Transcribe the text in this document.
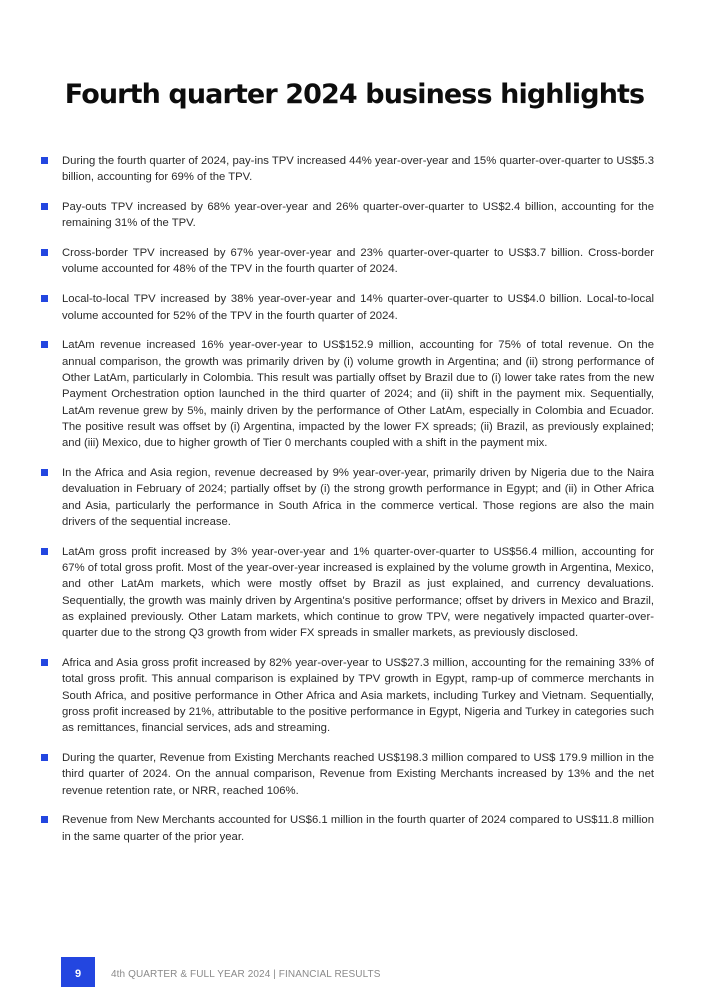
Fourth quarter 2024 business highlights
During the fourth quarter of 2024, pay-ins TPV increased 44% year-over-year and 15% quarter-over-quarter to US$5.3 billion, accounting for 69% of the TPV.
Pay-outs TPV increased by 68% year-over-year and 26% quarter-over-quarter to US$2.4 billion, accounting for the remaining 31% of the TPV.
Cross-border TPV increased by 67% year-over-year and 23% quarter-over-quarter to US$3.7 billion. Cross-border volume accounted for 48% of the TPV in the fourth quarter of 2024.
Local-to-local TPV increased by 38% year-over-year and 14% quarter-over-quarter to US$4.0 billion. Local-to-local volume accounted for 52% of the TPV in the fourth quarter of 2024.
LatAm revenue increased 16% year-over-year to US$152.9 million, accounting for 75% of total revenue. On the annual comparison, the growth was primarily driven by (i) volume growth in Argentina; and (ii) strong performance of Other LatAm, particularly in Colombia. This result was partially offset by Brazil due to (i) lower take rates from the new Payment Orchestration option launched in the third quarter of 2024; and (ii) shift in the payment mix. Sequentially, LatAm revenue grew by 5%, mainly driven by the performance of Other LatAm, especially in Colombia and Ecuador. The positive result was offset by (i) Argentina, impacted by the lower FX spreads; (ii) Brazil, as previously explained; and (iii) Mexico, due to higher growth of Tier 0 merchants coupled with a shift in the payment mix.
In the Africa and Asia region, revenue decreased by 9% year-over-year, primarily driven by Nigeria due to the Naira devaluation in February of 2024; partially offset by (i) the strong growth performance in Egypt; and (ii) in Other Africa and Asia, particularly the performance in South Africa in the commerce vertical. Those regions are also the main drivers of the sequential increase.
LatAm gross profit increased by 3% year-over-year and 1% quarter-over-quarter to US$56.4 million, accounting for 67% of total gross profit. Most of the year-over-year increased is explained by the volume growth in Argentina, Mexico, and other LatAm markets, which were mostly offset by Brazil as just explained, and currency devaluations. Sequentially, the growth was mainly driven by Argentina's positive performance; offset by drivers in Mexico and Brazil, as explained previously. Other Latam markets, which continue to grow TPV, were negatively impacted quarter-over-quarter due to the strong Q3 growth from wider FX spreads in smaller markets, as previously disclosed.
Africa and Asia gross profit increased by 82% year-over-year to US$27.3 million, accounting for the remaining 33% of total gross profit. This annual comparison is explained by TPV growth in Egypt, ramp-up of commerce merchants in South Africa, and positive performance in Other Africa and Asia markets, including Turkey and Vietnam. Sequentially, gross profit increased by 21%, attributable to the positive performance in Egypt, Nigeria and Turkey in categories such as remittances, financial services, ads and streaming.
During the quarter, Revenue from Existing Merchants reached US$198.3 million compared to US$ 179.9 million in the third quarter of 2024. On the annual comparison, Revenue from Existing Merchants increased by 13% and the net revenue retention rate, or NRR, reached 106%.
Revenue from New Merchants accounted for US$6.1 million in the fourth quarter of 2024 compared to US$11.8 million in the same quarter of the prior year.
9	4th QUARTER & FULL YEAR 2024 | FINANCIAL RESULTS
